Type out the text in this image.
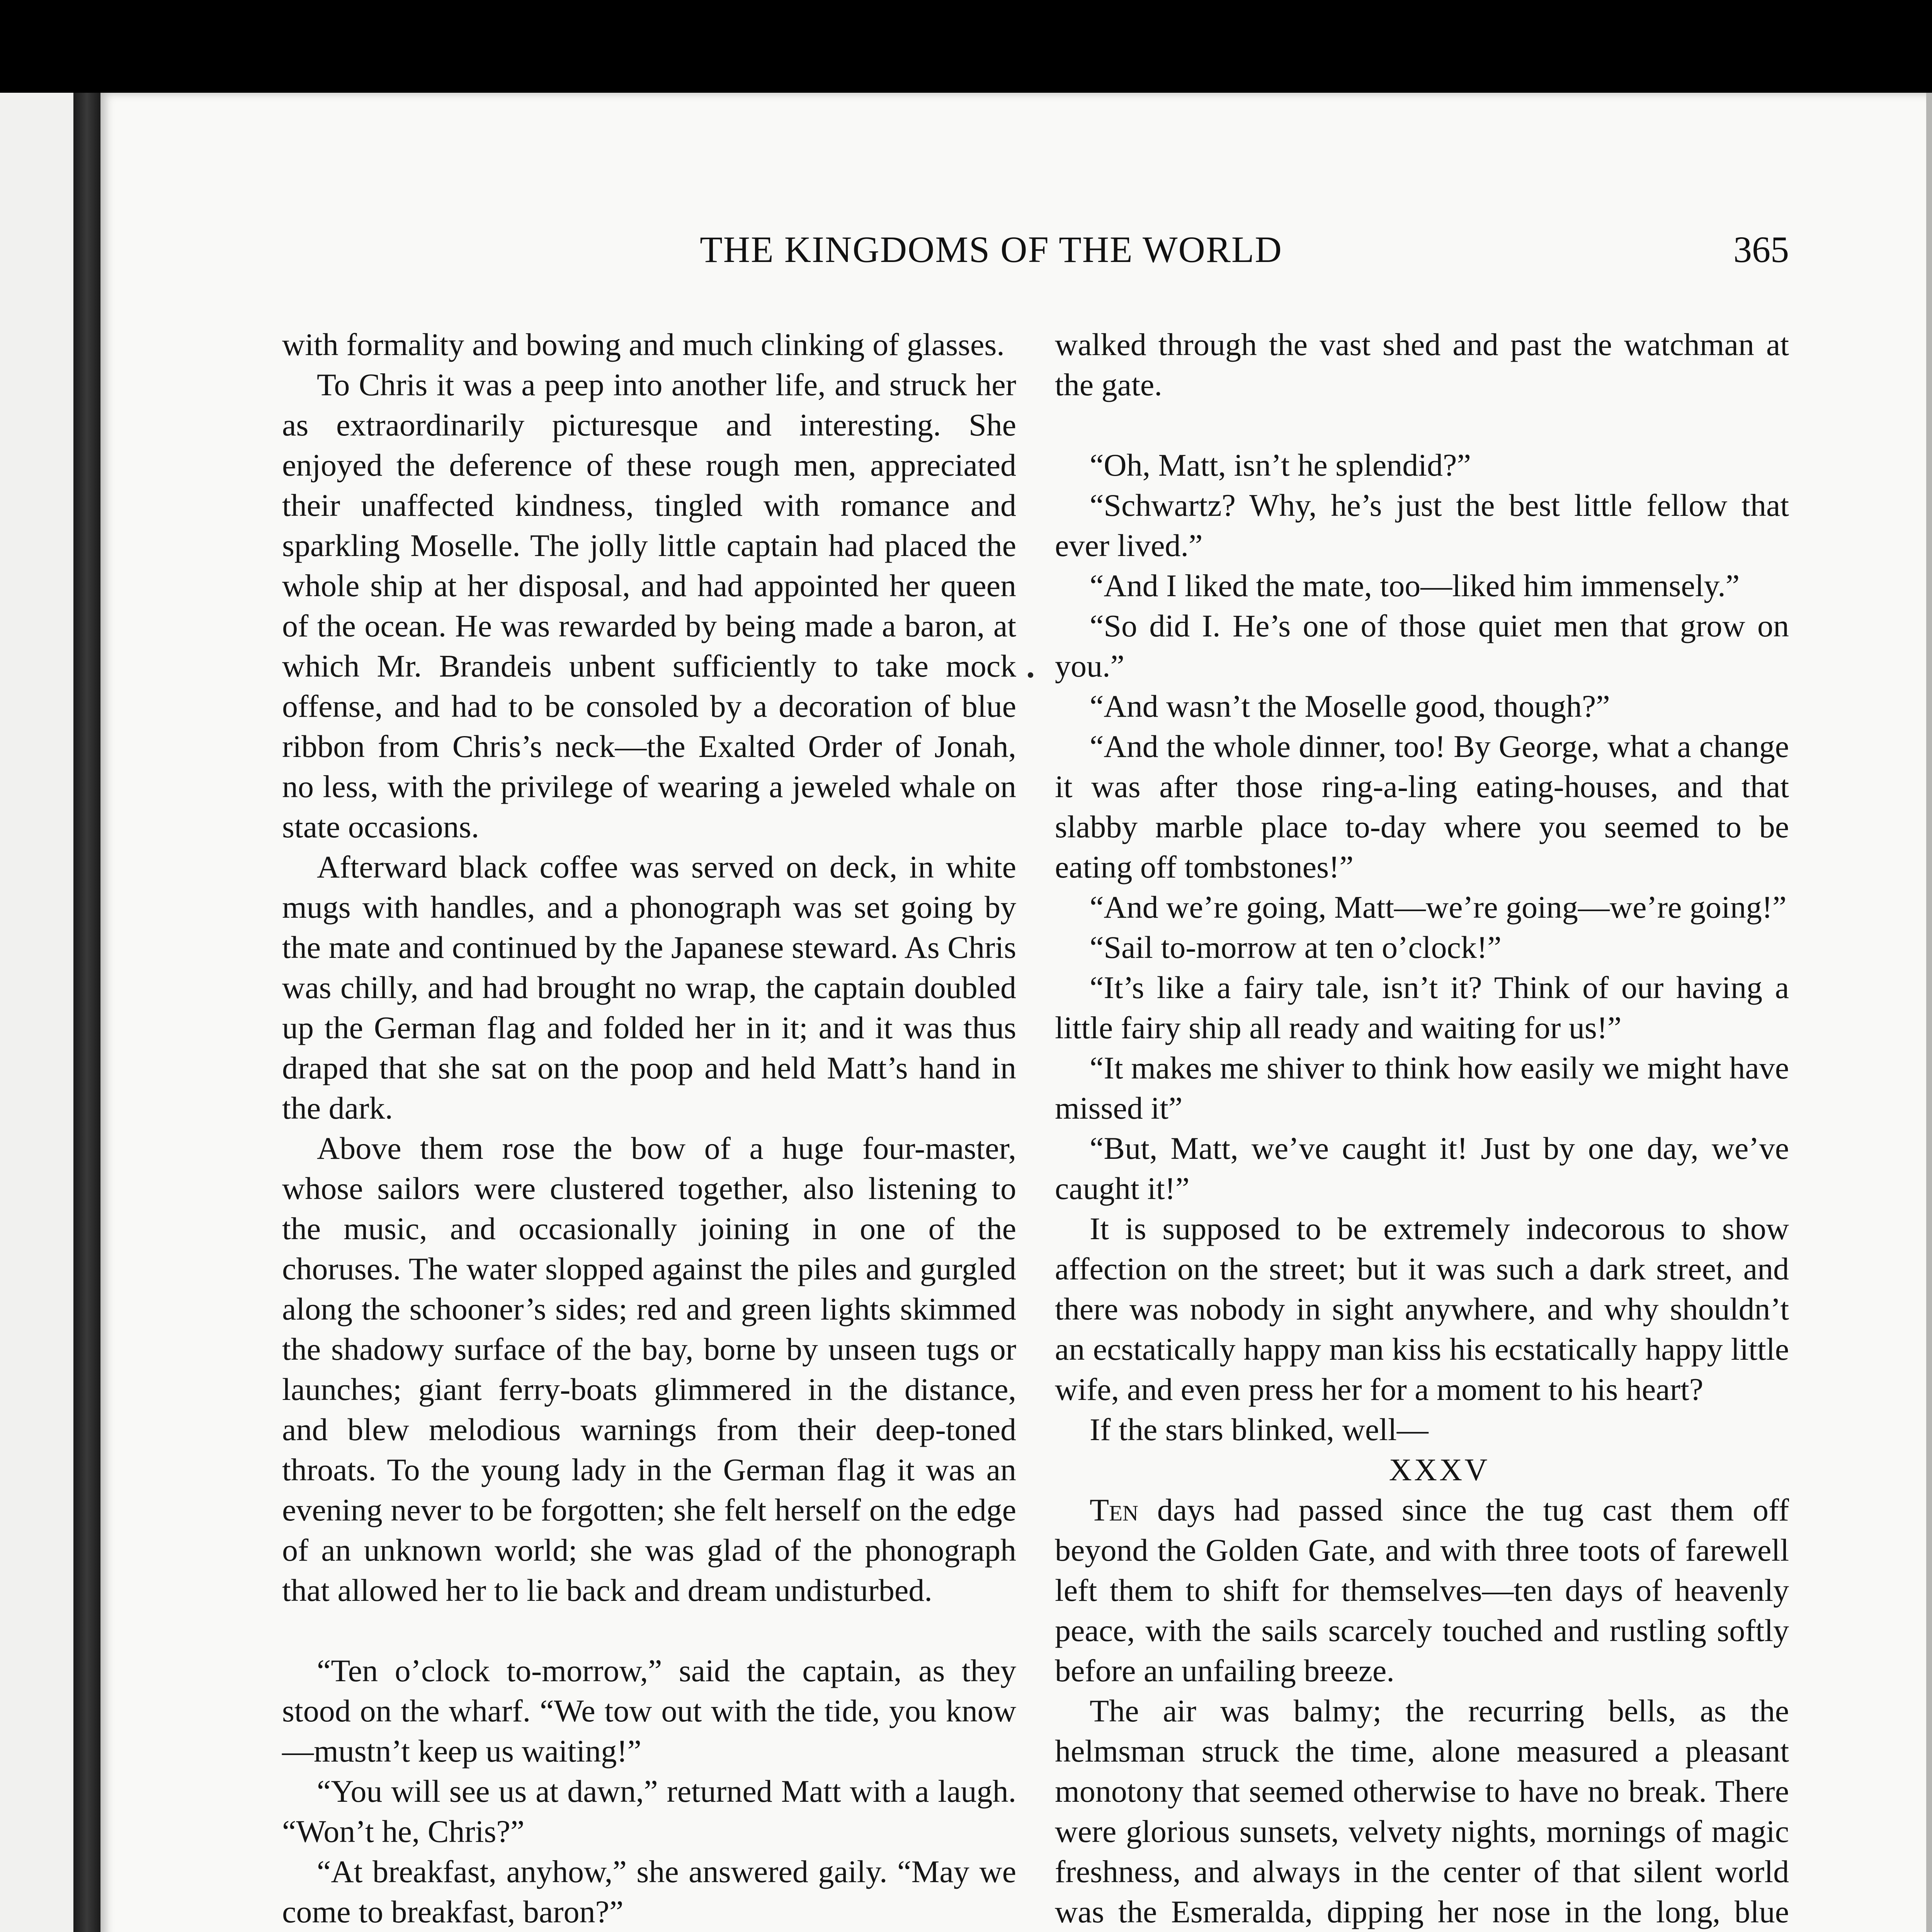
THE KINGDOMS OF THE WORLD	365

with formality and bowing and much clinking of glasses.

To Chris it was a peep into another life, and struck her as extraordinarily picturesque and interesting. She enjoyed the deference of these rough men, appreciated their unaffected kindness, tingled with romance and sparkling Moselle. The jolly little captain had placed the whole ship at her disposal, and had appointed her queen of the ocean. He was rewarded by being made a baron, at which Mr. Brandeis unbent sufficiently to take mock offense, and had to be consoled by a decoration of blue ribbon from Chris’s neck—the Exalted Order of Jonah, no less, with the privilege of wearing a jeweled whale on state occasions.

Afterward black coffee was served on deck, in white mugs with handles, and a phonograph was set going by the mate and continued by the Japanese steward. As Chris was chilly, and had brought no wrap, the captain doubled up the German flag and folded her in it; and it was thus draped that she sat on the poop and held Matt’s hand in the dark.

Above them rose the bow of a huge four-master, whose sailors were clustered together, also listening to the music, and occasionally joining in one of the choruses. The water slopped against the piles and gurgled along the schooner’s sides; red and green lights skimmed the shadowy surface of the bay, borne by unseen tugs or launches; giant ferry-boats glimmered in the distance, and blew melodious warnings from their deep-toned throats. To the young lady in the German flag it was an evening never to be forgotten; she felt herself on the edge of an unknown world; she was glad of the phonograph that allowed her to lie back and dream undisturbed.

“Ten o’clock to-morrow,” said the captain, as they stood on the wharf. “We tow out with the tide, you know—mustn’t keep us waiting!”

“You will see us at dawn,” returned Matt with a laugh. “Won’t he, Chris?”

“At breakfast, anyhow,” she answered gaily. “May we come to breakfast, baron?”

walked through the vast shed and past the watchman at the gate.

“Oh, Matt, isn’t he splendid?”

“Schwartz? Why, he’s just the best little fellow that ever lived.”

“And I liked the mate, too—liked him immensely.”

“So did I. He’s one of those quiet men that grow on you.”

“And wasn’t the Moselle good, though?”

“And the whole dinner, too! By George, what a change it was after those ring-a-ling eating-houses, and that slabby marble place to-day where you seemed to be eating off tombstones!”

“And we’re going, Matt—we’re going—we’re going!”

“Sail to-morrow at ten o’clock!”

“It’s like a fairy tale, isn’t it? Think of our having a little fairy ship all ready and waiting for us!”

“It makes me shiver to think how easily we might have missed it”

“But, Matt, we’ve caught it! Just by one day, we’ve caught it!”

It is supposed to be extremely indecorous to show affection on the street; but it was such a dark street, and there was nobody in sight anywhere, and why shouldn’t an ecstatically happy man kiss his ecstatically happy little wife, and even press her for a moment to his heart?

If the stars blinked, well—

XXXV

Ten days had passed since the tug cast them off beyond the Golden Gate, and with three toots of farewell left them to shift for themselves—ten days of heavenly peace, with the sails scarcely touched and rustling softly before an unfailing breeze.

The air was balmy; the recurring bells, as the helmsman struck the time, alone measured a pleasant monotony that seemed otherwise to have no break. There were glorious sunsets, velvety nights, mornings of magic freshness, and always in the center of that silent world was the Esmeralda, dipping her nose in the long, blue
